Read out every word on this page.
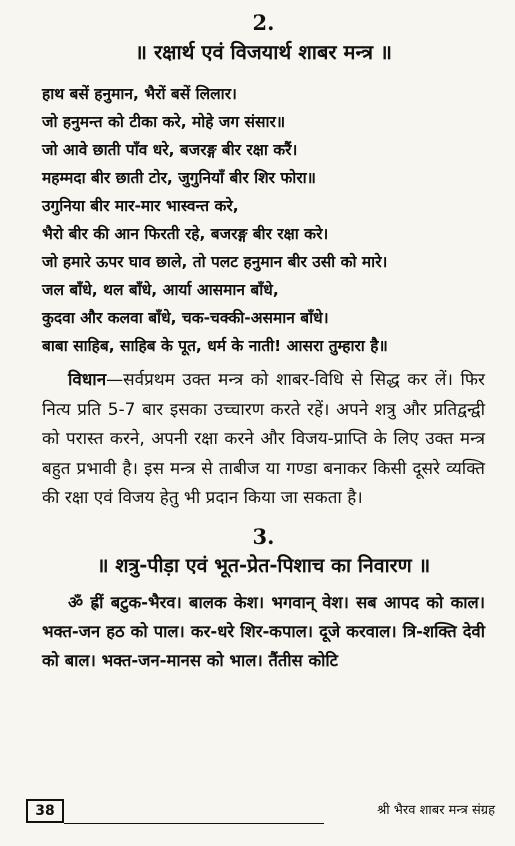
2.
॥ रक्षार्थ एवं विजयार्थ शाबर मन्त्र ॥

हाथ बसें हनुमान, भैरों बसें लिलार।

जो हनुमन्त को टीका करे, मोहे जग संसार॥

जो आवे छाती पाँव धरे, बजरङ्ग बीर रक्षा करैं।

महम्मदा बीर छाती टोर, जुगुनियाँ बीर शिर फोरा॥

उगुनिया बीर मार-मार भास्वन्त करे,

भैरो बीर की आन फिरती रहे, बजरङ्ग बीर रक्षा करे।

जो हमारे ऊपर घाव छाले, तो पलट हनुमान बीर उसी को मारे।

जल बाँधे, थल बाँधे, आर्या आसमान बाँधे,

कुदवा और कलवा बाँधे, चक-चक्की-असमान बाँधे।

बाबा साहिब, साहिब के पूत, धर्म के नाती! आसरा तुम्हारा है॥

विधान—सर्वप्रथम उक्त मन्त्र को शाबर-विधि से सिद्ध कर लें। फिर नित्य प्रति 5-7 बार इसका उच्चारण करते रहें। अपने शत्रु और प्रतिद्वन्द्वी को परास्त करने, अपनी रक्षा करने और विजय-प्राप्ति के लिए उक्त मन्त्र बहुत प्रभावी है। इस मन्त्र से ताबीज या गण्डा बनाकर किसी दूसरे व्यक्ति की रक्षा एवं विजय हेतु भी प्रदान किया जा सकता है।

3.
॥ शत्रु-पीड़ा एवं भूत-प्रेत-पिशाच का निवारण ॥

ॐ ह्रीं बटुक-भैरव। बालक केश। भगवान् वेश। सब आपद को काल। भक्त-जन हठ को पाल। कर-धरे शिर-कपाल। दूजे करवाल। त्रि-शक्ति देवी को बाल। भक्त-जन-मानस को भाल। तैंतीस कोटि

38	श्री भैरव शाबर मन्त्र संग्रह
